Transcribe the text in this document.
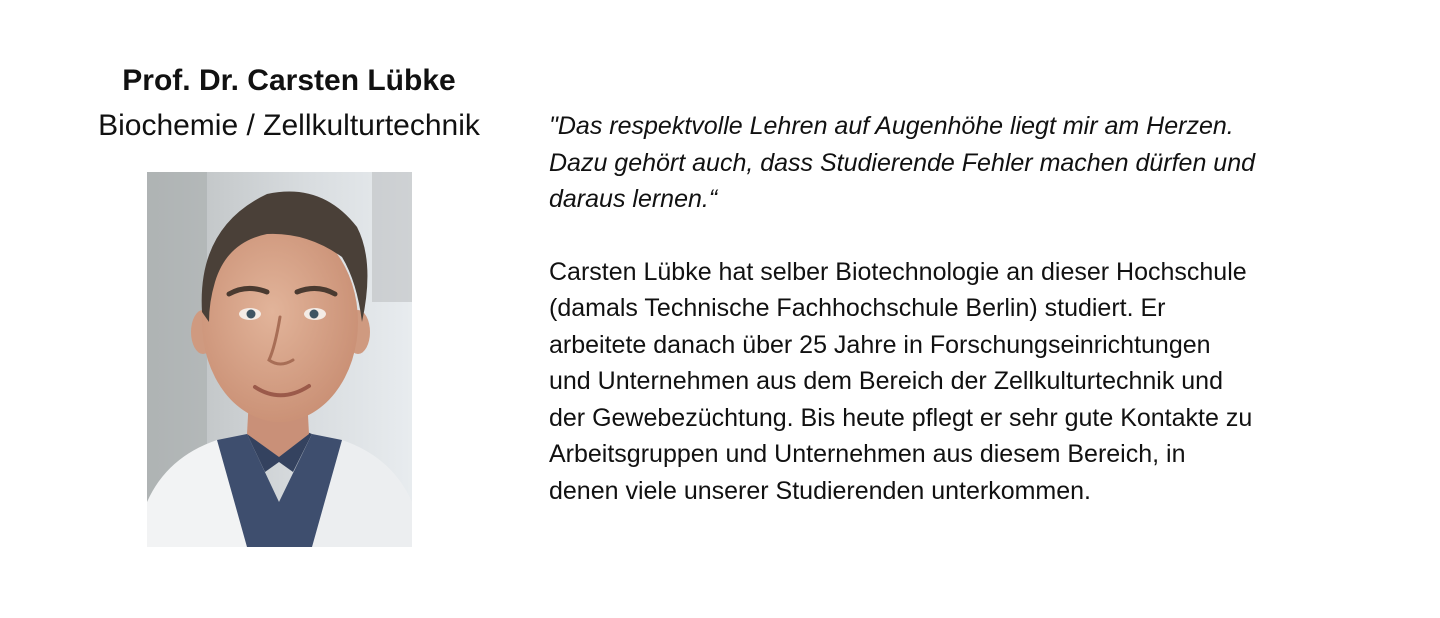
Prof. Dr. Carsten Lübke
Biochemie / Zellkulturtechnik	"Das respektvolle Lehren auf Augenhöhe liegt mir am Herzen.
Dazu gehört auch, dass Studierende Fehler machen dürfen und
daraus lernen.“

Carsten Lübke hat selber Biotechnologie an dieser Hochschule
(damals Technische Fachhochschule Berlin) studiert. Er
arbeitete danach über 25 Jahre in Forschungseinrichtungen
und Unternehmen aus dem Bereich der Zellkulturtechnik und
der Gewebezüchtung. Bis heute pflegt er sehr gute Kontakte zu
Arbeitsgruppen und Unternehmen aus diesem Bereich, in
denen viele unserer Studierenden unterkommen.
